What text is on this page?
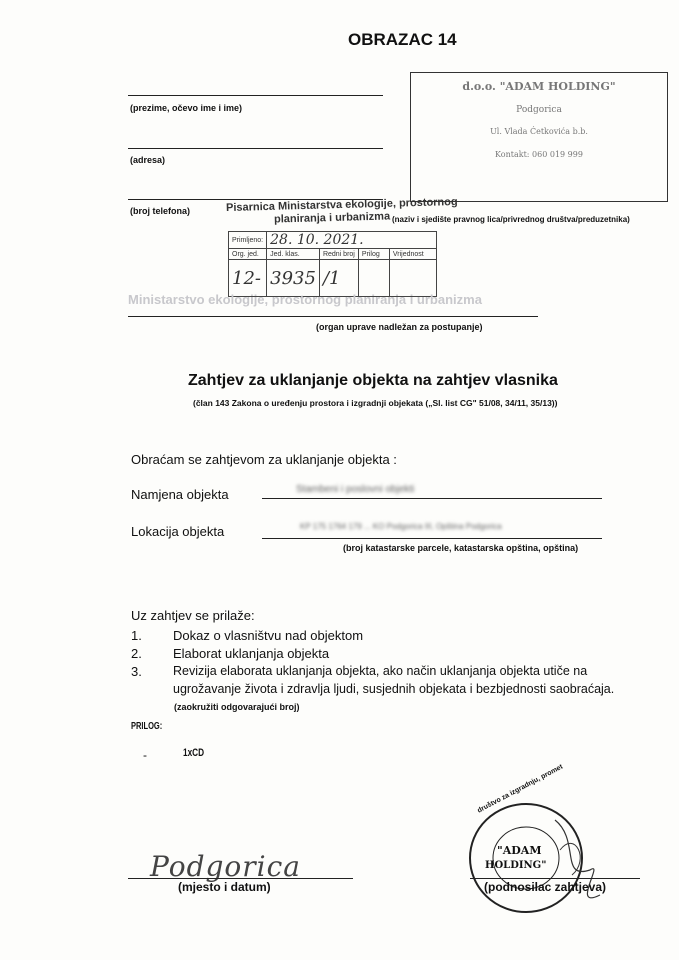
OBRAZAC 14
(prezime, očevo ime i ime)
(adresa)
(broj telefona)
d.o.o. "ADAM HOLDING"
Podgorica
Ul. Vlada Ćetkovića b.b.
Kontakt: 060 019 999
(naziv i sjedište pravnog lica/privrednog društva/preduzetnika)
Pisarnica Ministarstva ekologije, prostornog
planiranja i urbanizma
Primljeno:	28. 10. 2021.			
Org. jed.	Jed. klas.	Redni broj	Prilog	Vrijednost
12-	3935	/1		
Ministarstvo ekologije, prostornog planiranja i urbanizma
(organ uprave nadležan za postupanje)
Zahtjev za uklanjanje objekta na zahtjev vlasnika
(član 143 Zakona o uređenju prostora i izgradnji objekata („Sl. list CG" 51/08, 34/11, 35/13))
Obraćam se zahtjevom za uklanjanje objekta :
Namjena objekta	Stambeni i poslovni objekti
Lokacija objekta	KP 175 1764 179 ... KO Podgorica III, Opština Podgorica
(broj katastarske parcele, katastarska opština, opština)
Uz zahtjev se prilaže:
1. Dokaz o vlasništvu nad objektom
2. Elaborat uklanjanja objekta
3. Revizija elaborata uklanjanja objekta, ako način uklanjanja objekta utiče na
ugrožavanje života i zdravlja ljudi, susjednih objekata i bezbjednosti saobraćaja.
(zaokružiti odgovarajući broj)
PRILOG:
-	1xCD
Podgorica
(mjesto i datum)
društvo za izgradnju, promet
"ADAM
HOLDING"
(podnosilac zahtjeva)
